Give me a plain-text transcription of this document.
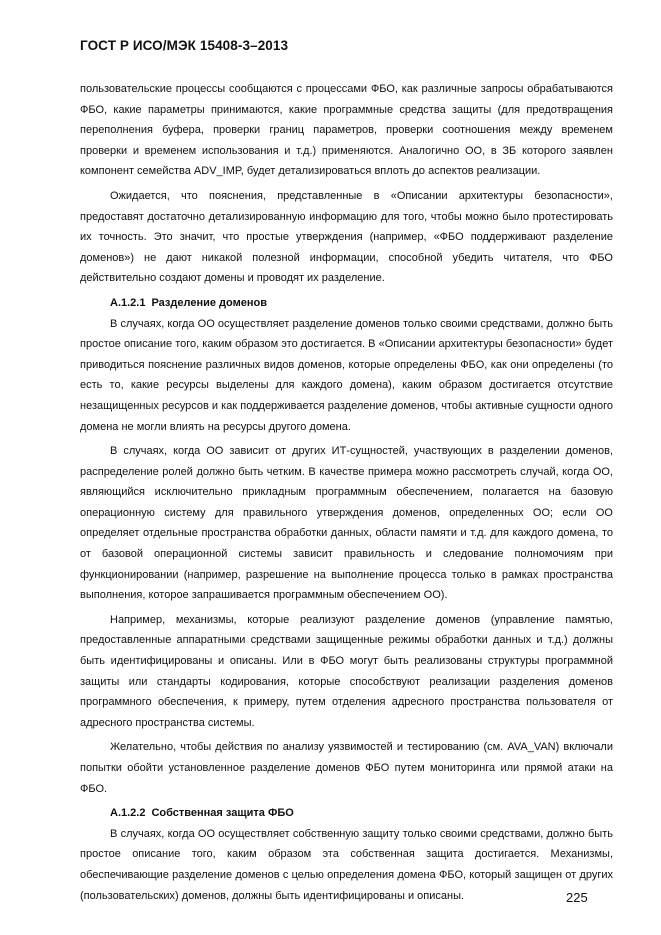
ГОСТ Р ИСО/МЭК 15408-3–2013

пользовательские процессы сообщаются с процессами ФБО, как различные запросы обрабатываются ФБО, какие параметры принимаются, какие программные средства защиты (для предотвращения переполнения буфера, проверки границ параметров, проверки соотношения между временем проверки и временем использования и т.д.) применяются. Аналогично ОО, в ЗБ которого заявлен компонент семейства ADV_IMP, будет детализироваться вплоть до аспектов реализации.

Ожидается, что пояснения, представленные в «Описании архитектуры безопасности», предоставят достаточно детализированную информацию для того, чтобы можно было протестировать их точность. Это значит, что простые утверждения (например, «ФБО поддерживают разделение доменов») не дают никакой полезной информации, способной убедить читателя, что ФБО действительно создают домены и проводят их разделение.

А.1.2.1 Разделение доменов

В случаях, когда ОО осуществляет разделение доменов только своими средствами, должно быть простое описание того, каким образом это достигается. В «Описании архитектуры безопасности» будет приводиться пояснение различных видов доменов, которые определены ФБО, как они определены (то есть то, какие ресурсы выделены для каждого домена), каким образом достигается отсутствие незащищенных ресурсов и как поддерживается разделение доменов, чтобы активные сущности одного домена не могли влиять на ресурсы другого домена.

В случаях, когда ОО зависит от других ИТ-сущностей, участвующих в разделении доменов, распределение ролей должно быть четким. В качестве примера можно рассмотреть случай, когда ОО, являющийся исключительно прикладным программным обеспечением, полагается на базовую операционную систему для правильного утверждения доменов, определенных ОО; если ОО определяет отдельные пространства обработки данных, области памяти и т.д. для каждого домена, то от базовой операционной системы зависит правильность и следование полномочиям при функционировании (например, разрешение на выполнение процесса только в рамках пространства выполнения, которое запрашивается программным обеспечением ОО).

Например, механизмы, которые реализуют разделение доменов (управление памятью, предоставленные аппаратными средствами защищенные режимы обработки данных и т.д.) должны быть идентифицированы и описаны. Или в ФБО могут быть реализованы структуры программной защиты или стандарты кодирования, которые способствуют реализации разделения доменов программного обеспечения, к примеру, путем отделения адресного пространства пользователя от адресного пространства системы.

Желательно, чтобы действия по анализу уязвимостей и тестированию (см. AVA_VAN) включали попытки обойти установленное разделение доменов ФБО путем мониторинга или прямой атаки на ФБО.

А.1.2.2 Собственная защита ФБО

В случаях, когда ОО осуществляет собственную защиту только своими средствами, должно быть простое описание того, каким образом эта собственная защита достигается. Механизмы, обеспечивающие разделение доменов с целью определения домена ФБО, который защищен от других (пользовательских) доменов, должны быть идентифицированы и описаны.	225
